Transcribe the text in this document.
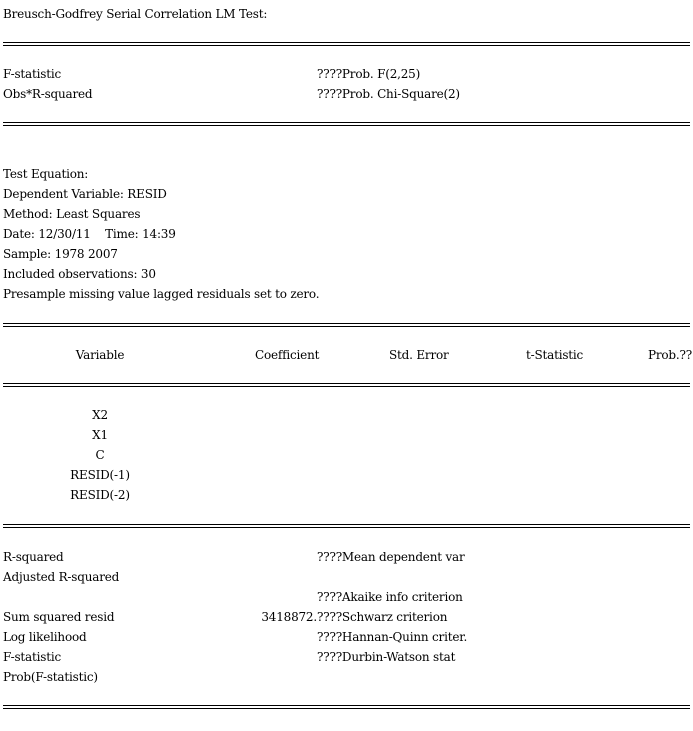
Breusch-Godfrey Serial Correlation LM Test:
F-statistic	????Prob. F(2,25)
Obs*R-squared	????Prob. Chi-Square(2)
Test Equation:
Dependent Variable: RESID
Method: Least Squares
Date: 12/30/11    Time: 14:39
Sample: 1978 2007
Included observations: 30
Presample missing value lagged residuals set to zero.
Variable	Coefficient	Std. Error	t-Statistic	Prob.??
X2
X1
C
RESID(-1)
RESID(-2)
R-squared	????Mean dependent var
Adjusted R-squared
????Akaike info criterion
Sum squared resid	3418872. ????Schwarz criterion
Log likelihood	????Hannan-Quinn criter.
F-statistic	????Durbin-Watson stat
Prob(F-statistic)
